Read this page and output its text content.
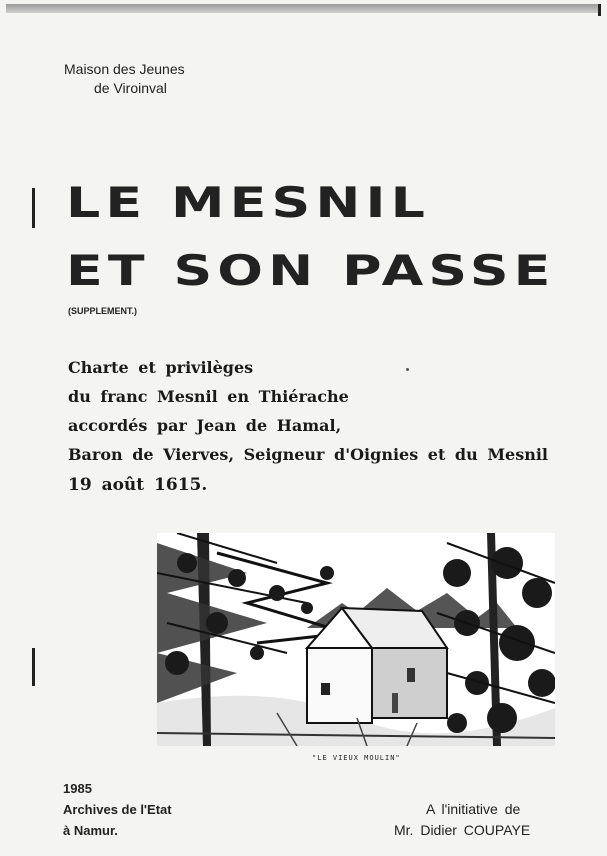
Maison des Jeunes
de Viroinval
LE MESNIL
ET SON PASSE
(SUPPLEMENT.)
Charte et privilèges
du franc Mesnil en Thiérache
accordés par Jean de Hamal,
Baron de Vierves, Seigneur d'Oignies et du Mesnil
19 août 1615.
"LE VIEUX MOULIN"
1985
Archives de l'Etat
à Namur.
A l'initiative de
Mr. Didier COUPAYE
